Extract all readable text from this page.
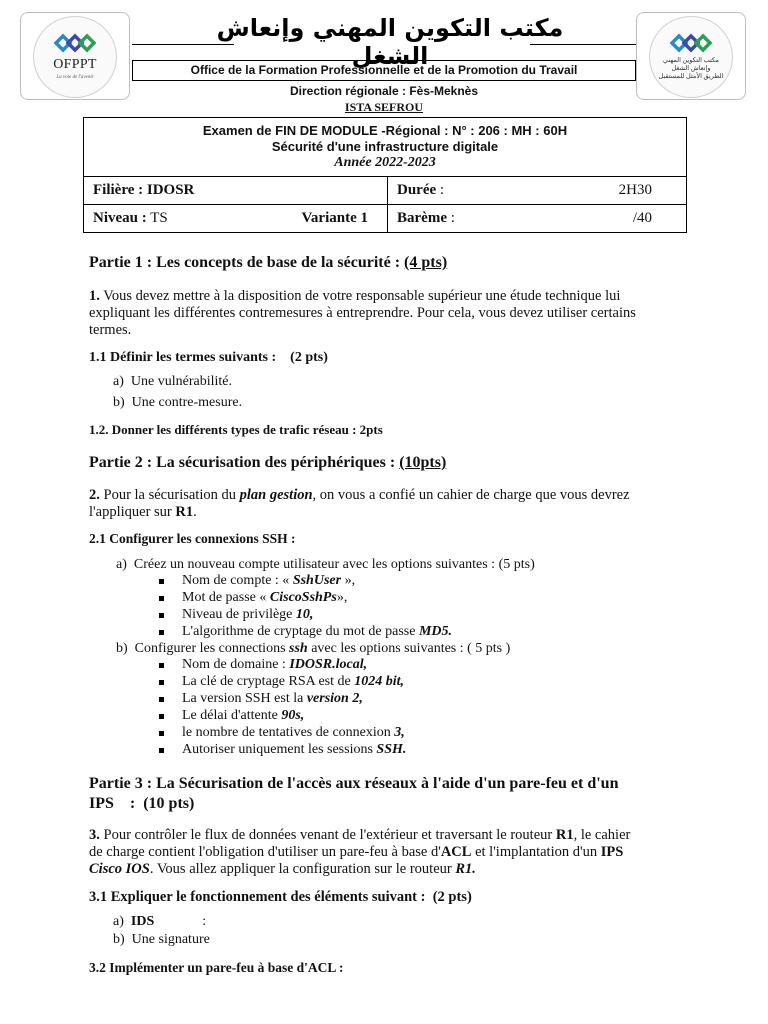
OFPPT
La voie de l'avenir
مكتب التكوين المهني
وإنعاش الشغل
الطريق الأمثل للمستقبل
مكتب التكوين المهني وإنعاش الشغل
Office de la Formation Professionnelle et de la Promotion du Travail
Direction régionale : Fès-Meknès
ISTA SEFROU
Examen de FIN DE MODULE -Régional : N° : 206 : MH : 60H
Sécurité d'une infrastructure digitale
Année 2022-2023
Filière : IDOSR	Durée : 2H30

Niveau : TS Variante 1	Barème : /40
Partie 1 : Les concepts de base de la sécurité : (4 pts)
1. Vous devez mettre à la disposition de votre responsable supérieur une étude technique lui
expliquant les différentes contremesures à entreprendre. Pour cela, vous devez utiliser certains
termes.
1.1 Définir les termes suivants : (2 pts)
a) Une vulnérabilité.
b) Une contre-mesure.
1.2. Donner les différents types de trafic réseau : 2pts
Partie 2 : La sécurisation des périphériques : (10pts)
2. Pour la sécurisation du plan gestion, on vous a confié un cahier de charge que vous devrez
l'appliquer sur R1.
2.1 Configurer les connexions SSH :
a) Créez un nouveau compte utilisateur avec les options suivantes : (5 pts)
Nom de compte : « SshUser »,
Mot de passe « CiscoSshPs»,
Niveau de privilège 10,
L'algorithme de cryptage du mot de passe MD5.
b) Configurer les connections ssh avec les options suivantes : ( 5 pts )
Nom de domaine : IDOSR.local,
La clé de cryptage RSA est de 1024 bit,
La version SSH est la version 2,
Le délai d'attente 90s,
le nombre de tentatives de connexion 3,
Autoriser uniquement les sessions SSH.
Partie 3 : La Sécurisation de l'accès aux réseaux à l'aide d'un pare-feu et d'un
IPS    :  (10 pts)
3. Pour contrôler le flux de données venant de l'extérieur et traversant le routeur R1, le cahier
de charge contient l'obligation d'utiliser un pare-feu à base d'ACL et l'implantation d'un IPS
Cisco IOS. Vous allez appliquer la configuration sur le routeur R1.
3.1 Expliquer le fonctionnement des éléments suivant : (2 pts)
a) IDS	:
b) Une signature
3.2 Implémenter un pare-feu à base d'ACL :
